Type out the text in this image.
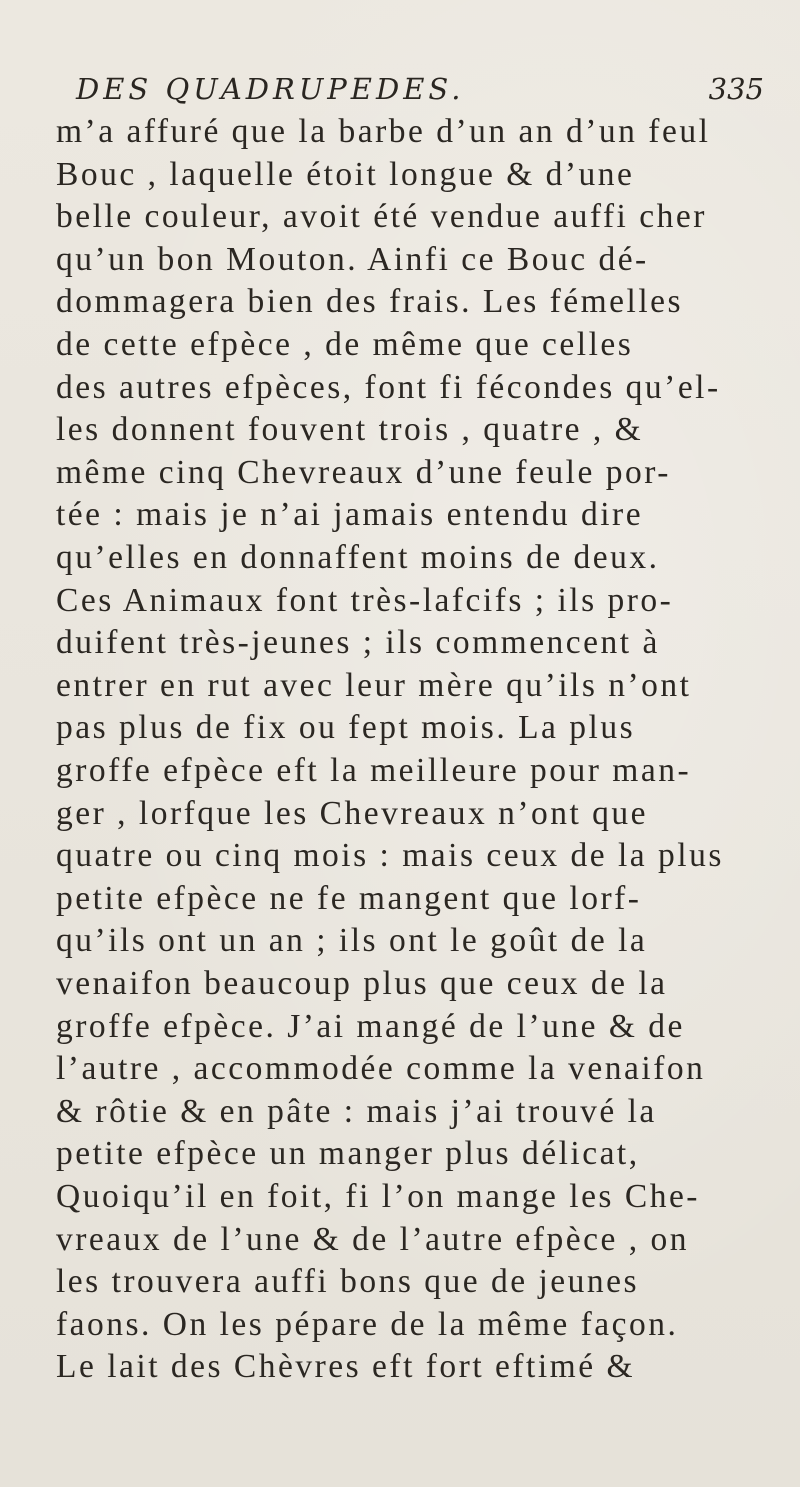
DES QUADRUPEDES.	335
m’a affuré que la barbe d’un an d’un feul
Bouc , laquelle étoit longue & d’une
belle couleur, avoit été vendue auffi cher
qu’un bon Mouton. Ainfi ce Bouc dé-
dommagera bien des frais. Les fémelles
de cette efpèce , de même que celles
des autres efpèces, font fi fécondes qu’el-
les donnent fouvent trois , quatre , &
même cinq Chevreaux d’une feule por-
tée : mais je n’ai jamais entendu dire
qu’elles en donnaffent moins de deux.
Ces Animaux font très-lafcifs ; ils pro-
duifent très-jeunes ; ils commencent à
entrer en rut avec leur mère qu’ils n’ont
pas plus de fix ou fept mois. La plus
groffe efpèce eft la meilleure pour man-
ger , lorfque les Chevreaux n’ont que
quatre ou cinq mois : mais ceux de la plus
petite efpèce ne fe mangent que lorf-
qu’ils ont un an ; ils ont le goût de la
venaifon beaucoup plus que ceux de la
groffe efpèce. J’ai mangé de l’une & de
l’autre , accommodée comme la venaifon
& rôtie & en pâte : mais j’ai trouvé la
petite efpèce un manger plus délicat,
Quoiqu’il en foit, fi l’on mange les Che-
vreaux de l’une & de l’autre efpèce , on
les trouvera auffi bons que de jeunes
faons. On les pépare de la même façon.
Le lait des Chèvres eft fort eftimé &
